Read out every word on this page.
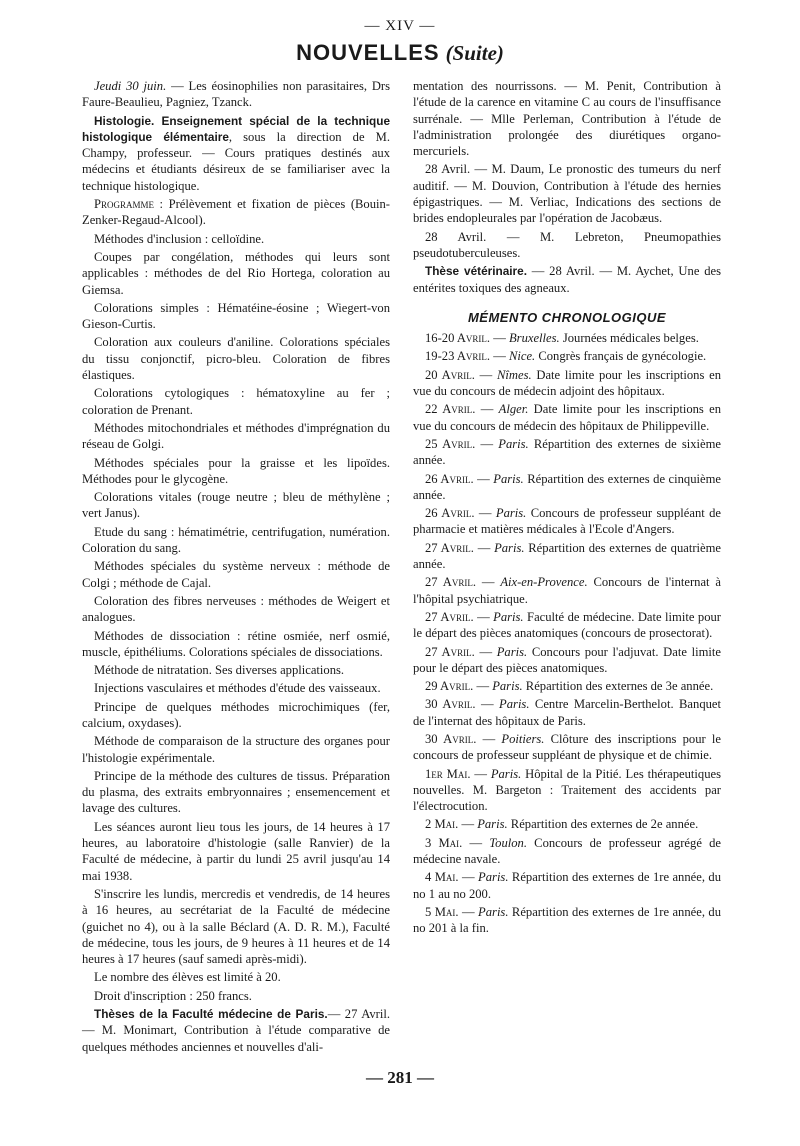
— XIV —
NOUVELLES (Suite)

Jeudi 30 juin. — Les éosinophilies non parasitaires, Drs Faure-Beaulieu, Pagniez, Tzanck.

Histologie. Enseignement spécial de la technique histologique élémentaire, sous la direction de M. Champy, professeur. — Cours pratiques destinés aux médecins et étudiants désireux de se familiariser avec la technique histologique.

Programme : Prélèvement et fixation de pièces (Bouin-Zenker-Regaud-Alcool).

Méthodes d'inclusion : celloïdine.

Coupes par congélation, méthodes qui leurs sont applicables : méthodes de del Rio Hortega, coloration au Giemsa.

Colorations simples : Hématéine-éosine ; Wiegert-von Gieson-Curtis.

Coloration aux couleurs d'aniline. Colorations spéciales du tissu conjonctif, picro-bleu. Coloration de fibres élastiques.

Colorations cytologiques : hématoxyline au fer ; coloration de Prenant.

Méthodes mitochondriales et méthodes d'imprégnation du réseau de Golgi.

Méthodes spéciales pour la graisse et les lipoïdes. Méthodes pour le glycogène.

Colorations vitales (rouge neutre ; bleu de méthylène ; vert Janus).

Etude du sang : hématimétrie, centrifugation, numération. Coloration du sang.

Méthodes spéciales du système nerveux : méthode de Colgi ; méthode de Cajal.

Coloration des fibres nerveuses : méthodes de Weigert et analogues.

Méthodes de dissociation : rétine osmiée, nerf osmié, muscle, épithéliums. Colorations spéciales de dissociations.

Méthode de nitratation. Ses diverses applications.

Injections vasculaires et méthodes d'étude des vaisseaux.

Principe de quelques méthodes microchimiques (fer, calcium, oxydases).

Méthode de comparaison de la structure des organes pour l'histologie expérimentale.

Principe de la méthode des cultures de tissus. Préparation du plasma, des extraits embryonnaires ; ensemencement et lavage des cultures.

Les séances auront lieu tous les jours, de 14 heures à 17 heures, au laboratoire d'histologie (salle Ranvier) de la Faculté de médecine, à partir du lundi 25 avril jusqu'au 14 mai 1938.

S'inscrire les lundis, mercredis et vendredis, de 14 heures à 16 heures, au secrétariat de la Faculté de médecine (guichet no 4), ou à la salle Béclard (A. D. R. M.), Faculté de médecine, tous les jours, de 9 heures à 11 heures et de 14 heures à 17 heures (sauf samedi après-midi).

Le nombre des élèves est limité à 20.

Droit d'inscription : 250 francs.

Thèses de la Faculté médecine de Paris.— 27 Avril. — M. Monimart, Contribution à l'étude comparative de quelques méthodes anciennes et nouvelles d'ali-

mentation des nourrissons. — M. Penit, Contribution à l'étude de la carence en vitamine C au cours de l'insuffisance surrénale. — Mlle Perleman, Contribution à l'étude de l'administration prolongée des diurétiques organo-mercuriels.

28 Avril. — M. Daum, Le pronostic des tumeurs du nerf auditif. — M. Douvion, Contribution à l'étude des hernies épigastriques. — M. Verliac, Indications des sections de brides endopleurales par l'opération de Jacobæus.

28 Avril. — M. Lebreton, Pneumopathies pseudotuberculeuses.

Thèse vétérinaire. — 28 Avril. — M. Aychet, Une des entérites toxiques des agneaux.

MÉMENTO CHRONOLOGIQUE

16-20 Avril. — Bruxelles. Journées médicales belges.

19-23 Avril. — Nice. Congrès français de gynécologie.

20 Avril. — Nîmes. Date limite pour les inscriptions en vue du concours de médecin adjoint des hôpitaux.

22 Avril. — Alger. Date limite pour les inscriptions en vue du concours de médecin des hôpitaux de Philippeville.

25 Avril. — Paris. Répartition des externes de sixième année.

26 Avril. — Paris. Répartition des externes de cinquième année.

26 Avril. — Paris. Concours de professeur suppléant de pharmacie et matières médicales à l'Ecole d'Angers.

27 Avril. — Paris. Répartition des externes de quatrième année.

27 Avril. — Aix-en-Provence. Concours de l'internat à l'hôpital psychiatrique.

27 Avril. — Paris. Faculté de médecine. Date limite pour le départ des pièces anatomiques (concours de prosectorat).

27 Avril. — Paris. Concours pour l'adjuvat. Date limite pour le départ des pièces anatomiques.

29 Avril. — Paris. Répartition des externes de 3e année.

30 Avril. — Paris. Centre Marcelin-Berthelot. Banquet de l'internat des hôpitaux de Paris.

30 Avril. — Poitiers. Clôture des inscriptions pour le concours de professeur suppléant de physique et de chimie.

1er Mai. — Paris. Hôpital de la Pitié. Les thérapeutiques nouvelles. M. Bargeton : Traitement des accidents par l'électrocution.

2 Mai. — Paris. Répartition des externes de 2e année.

3 Mai. — Toulon. Concours de professeur agrégé de médecine navale.

4 Mai. — Paris. Répartition des externes de 1re année, du no 1 au no 200.

5 Mai. — Paris. Répartition des externes de 1re année, du no 201 à la fin.

— 281 —
